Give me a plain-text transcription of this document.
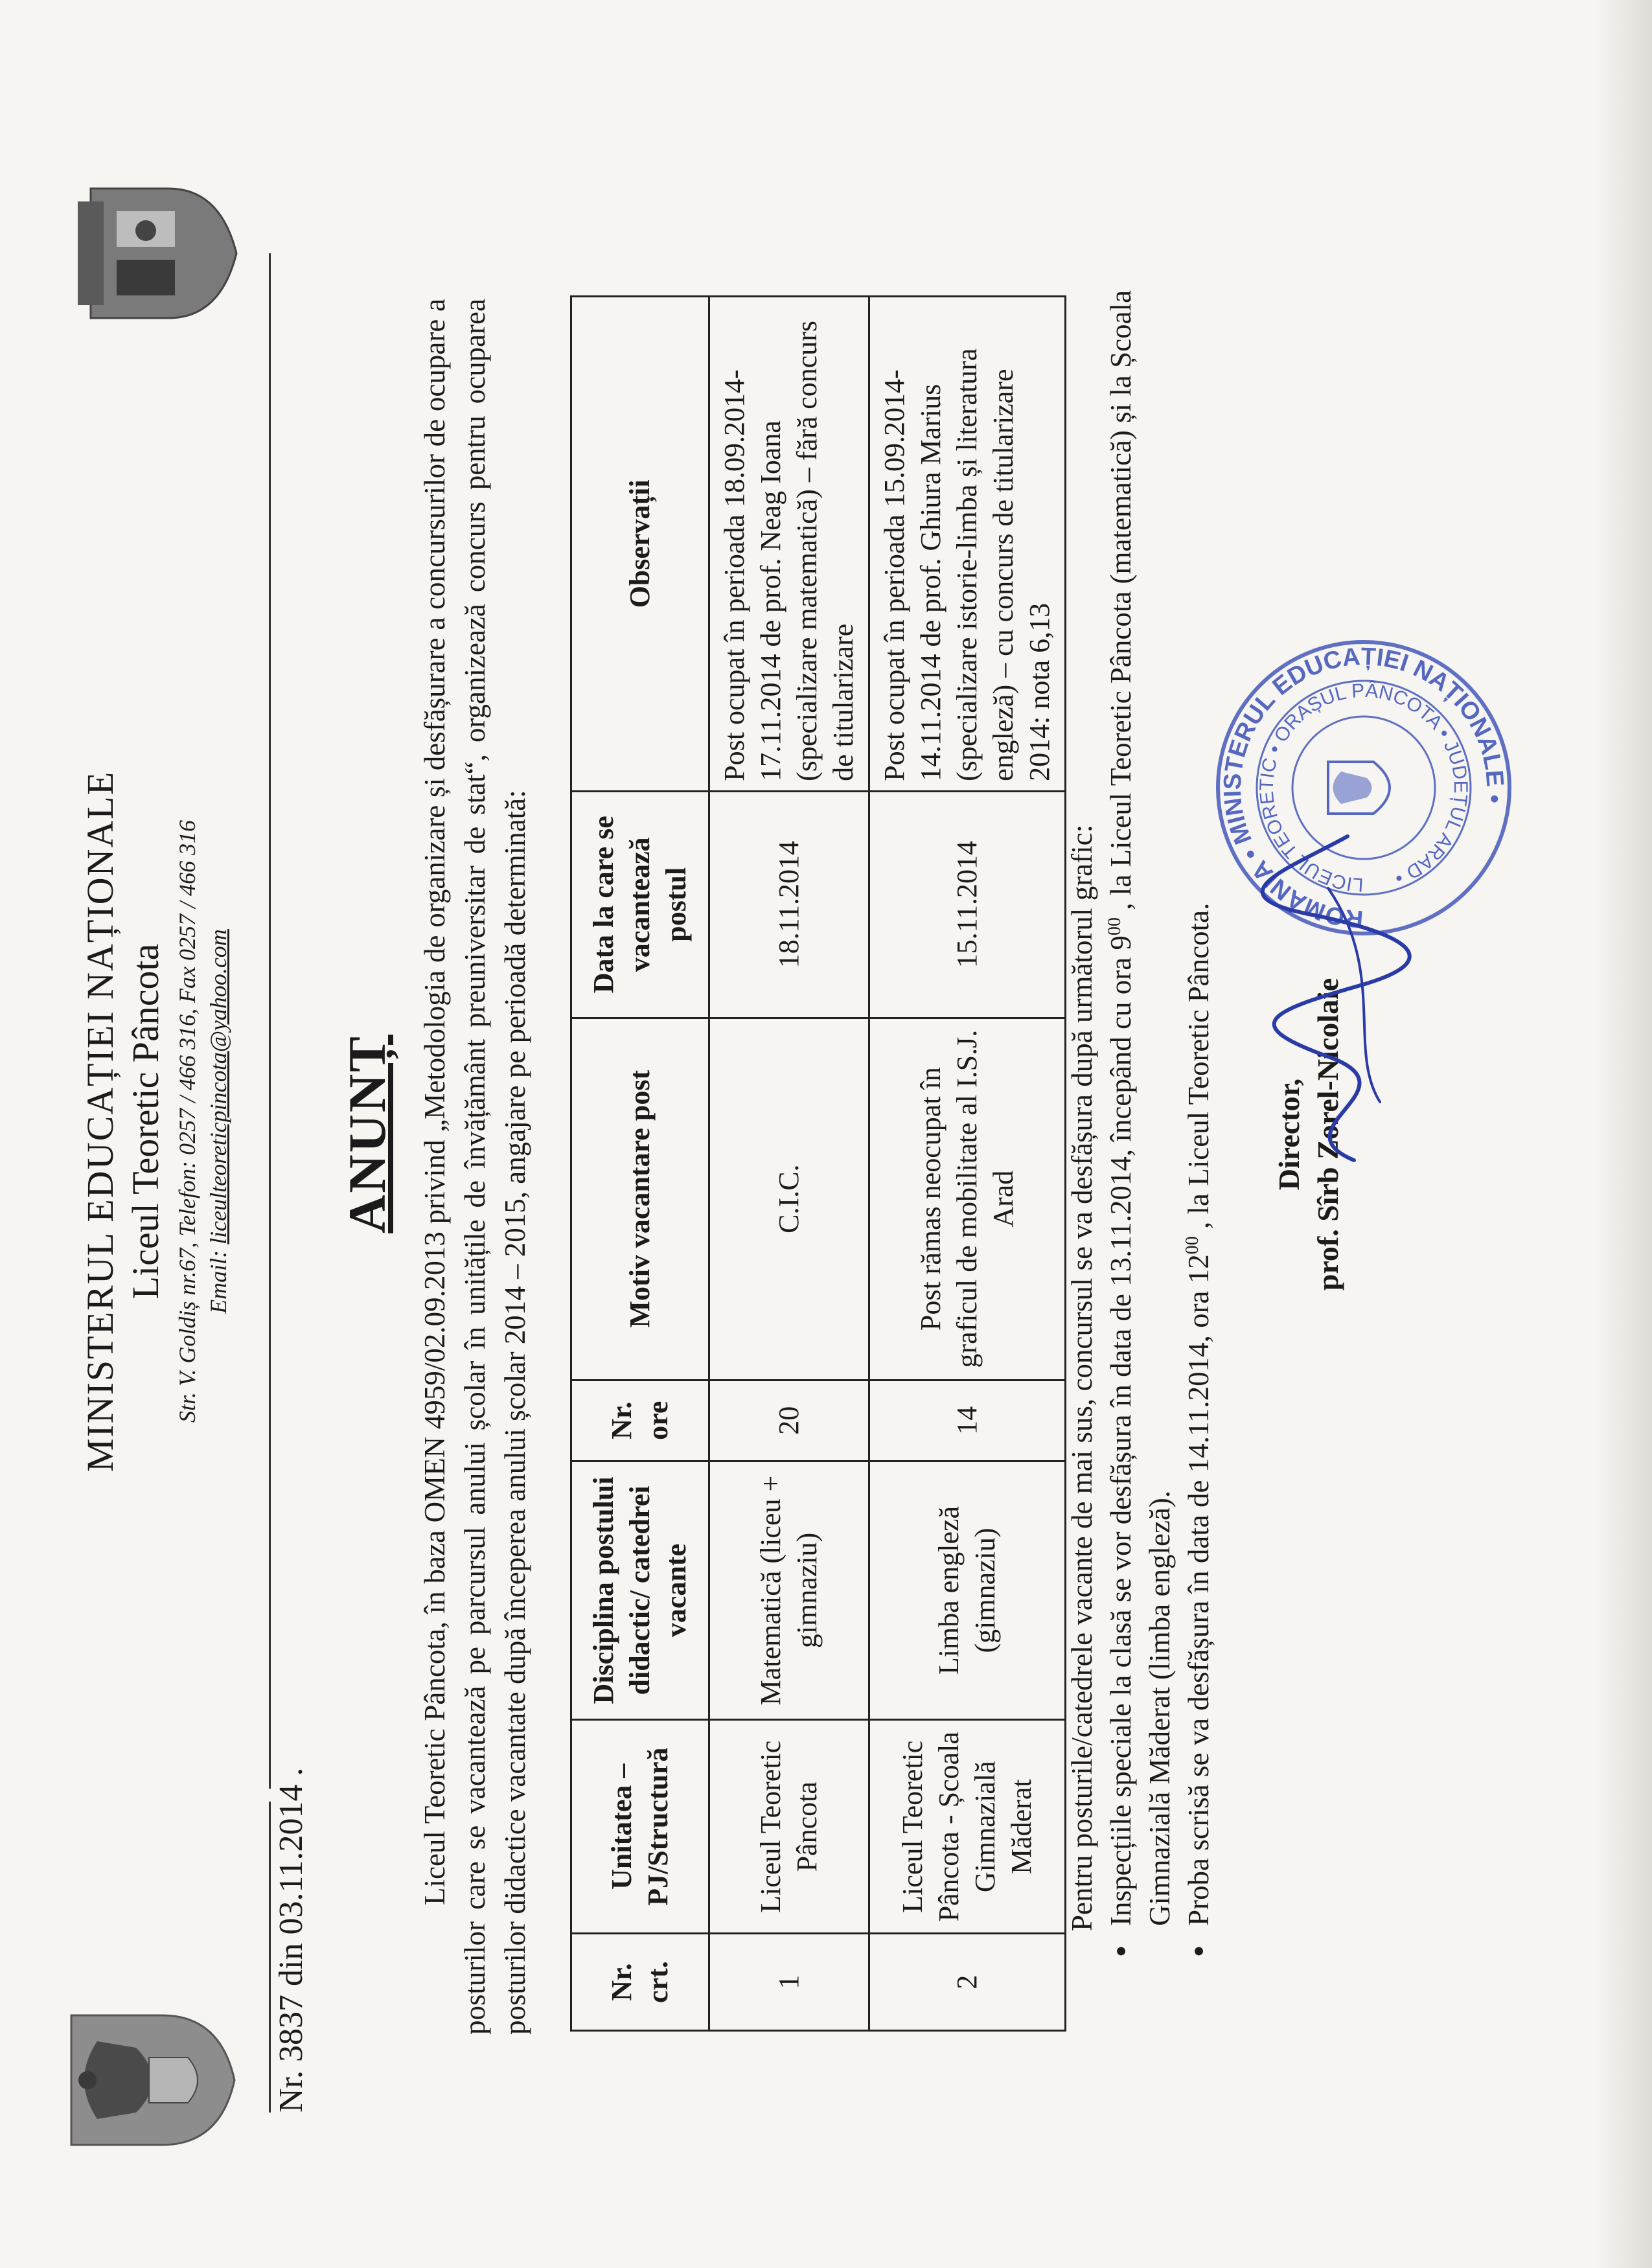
MINISTERUL EDUCAȚIEI NAȚIONALE Liceul Teoretic Pâncota Str. V. Goldiș nr.67, Telefon: 0257 / 466 316, Fax 0257 / 466 316 Email: liceulteoreticpincota@yahoo.com
Nr. 3837 din 03.11.2014 .
ANUNȚ Liceul Teoretic Pâncota, în baza OMEN 4959/02.09.2013 privind „Metodologia de organizare și desfășurare a concursurilor de ocupare a posturilor care se vacantează pe parcursul anului școlar în unitățile de învățământ preuniversitar de stat“, organizează concurs pentru ocuparea posturilor didactice vacantate după începerea anului școlar 2014 – 2015, angajare pe perioadă determinată:	Nr. crt.	Unitatea – PJ/Structură	Disciplina postului didactic/ catedrei vacante	Nr. ore	Motiv vacantare post	Data la care se vacantează postul	Observații
1	Liceul Teoretic Pâncota	Matematică (liceu + gimnaziu)	20	C.I.C.	18.11.2014	Post ocupat în perioada 18.09.2014-17.11.2014 de prof. Neag Ioana (specializare matematică) – fără concurs de titularizare
2	Liceul Teoretic Pâncota - Școala Gimnazială Măderat	Limba engleză (gimnaziu)	14	Post rămas neocupat în graficul de mobilitate al I.S.J. Arad	15.11.2014	Post ocupat în perioada 15.09.2014-14.11.2014 de prof. Ghiura Marius (specializare istorie-limba și literatura engleză) – cu concurs de titularizare 2014: nota 6,13
Pentru posturile/catedrele vacante de mai sus, concursul se va desfășura după următorul grafic: ● Inspecțiile speciale la clasă se vor desfășura în data de 13.11.2014, începând cu ora $9^{00}$ , la Liceul Teoretic Pâncota (matematică) și la Școala Gimnazială Măderat (limba engleză). ● Proba scrisă se va desfășura în data de 14.11.2014, ora $12^{00}$ , la Liceul Teoretic Pâncota. Director, prof. Sîrb Zorel-Nicolaie
ROMÂNIA • MINISTERUL EDUCAȚIEI NAȚIONALE •
LICEUL TEORETIC • ORAȘUL PÂNCOTA • JUDEȚUL ARAD •
